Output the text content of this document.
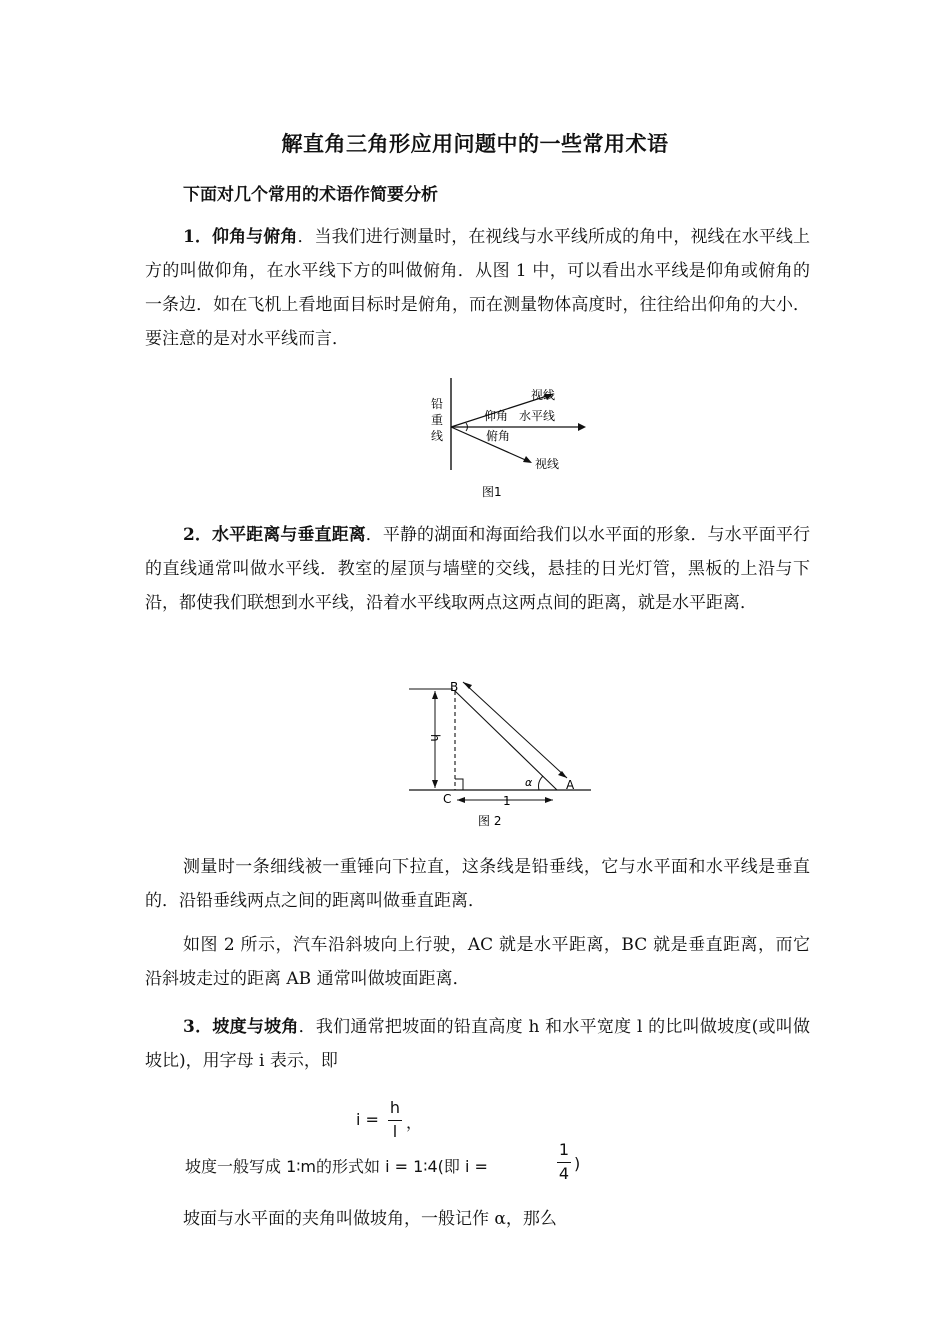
解直角三角形应用问题中的一些常用术语
下面对几个常用的术语作简要分析
1．仰角与俯角．当我们进行测量时，在视线与水平线所成的角中，视线在水平线上方的叫做仰角，在水平线下方的叫做俯角．从图 1 中，可以看出水平线是仰角或俯角的一条边．如在飞机上看地面目标时是俯角，而在测量物体高度时，往往给出仰角的大小．要注意的是对水平线而言．
铅
重
线
视线
仰角 水平线
俯角
视线
图1
2．水平距离与垂直距离．平静的湖面和海面给我们以水平面的形象．与水平面平行的直线通常叫做水平线．教室的屋顶与墙壁的交线，悬挂的日光灯管，黑板的上沿与下沿，都使我们联想到水平线，沿着水平线取两点这两点间的距离，就是水平距离．
h
B
C
A
α
1
图 2
测量时一条细线被一重锤向下拉直，这条线是铅垂线，它与水平面和水平线是垂直的．沿铅垂线两点之间的距离叫做垂直距离．
如图 2 所示，汽车沿斜坡向上行驶，AC 就是水平距离，BC 就是垂直距离，而它沿斜坡走过的距离 AB 通常叫做坡面距离．
3．坡度与坡角．我们通常把坡面的铅直高度 h 和水平宽度 l 的比叫做坡度(或叫做坡比)，用字母 i 表示，即
i =
h
l ，
坡度一般写成 1∶m的形式如 i = 1∶4(即 i =
1
4
)
坡面与水平面的夹角叫做坡角，一般记作 α，那么
